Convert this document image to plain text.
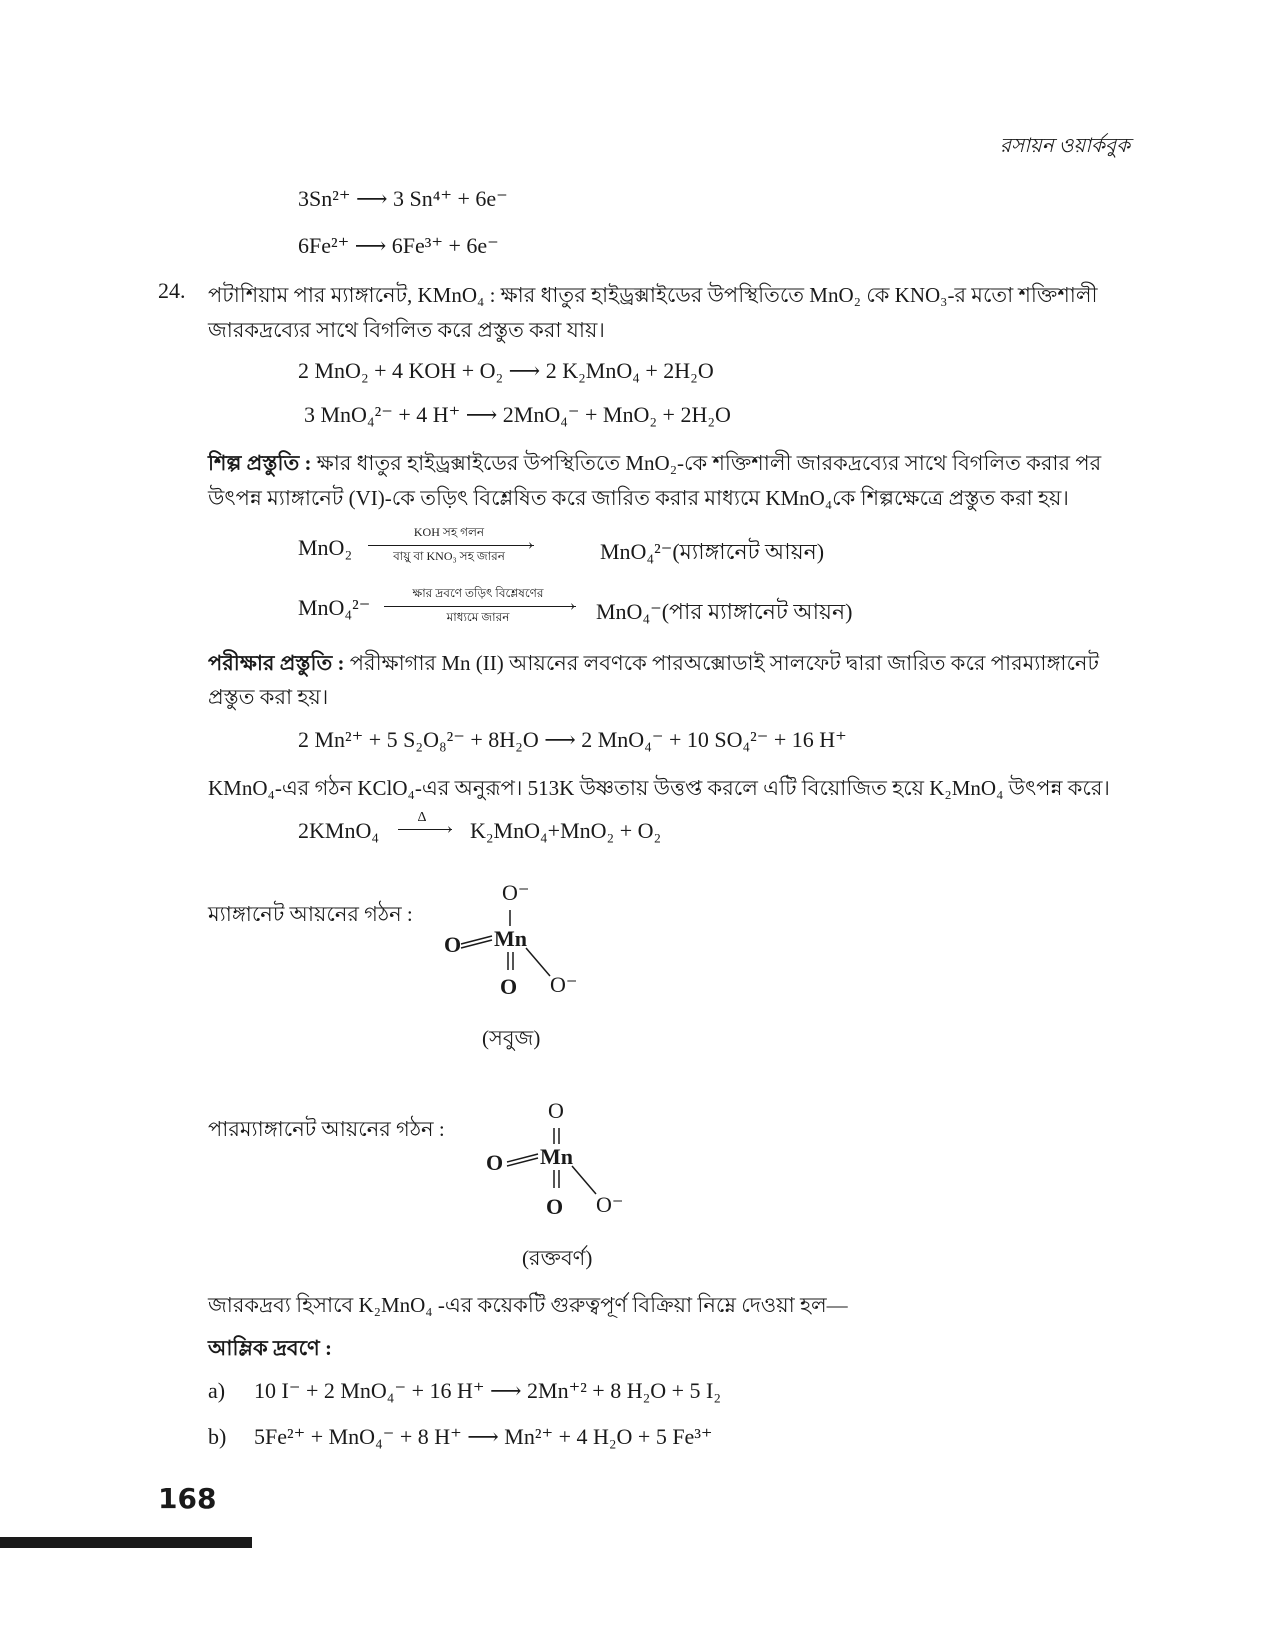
রসায়ন ওয়ার্কবুক
3Sn²⁺ ⟶ 3 Sn⁴⁺ + 6e⁻
6Fe²⁺ ⟶ 6Fe³⁺ + 6e⁻
24. পটাশিয়াম পার ম্যাঙ্গানেট, KMnO₄ : ক্ষার ধাতুর হাইড্রক্সাইডের উপস্থিতিতে MnO₂ কে KNO₃-র মতো শক্তিশালী
জারকদ্রব্যের সাথে বিগলিত করে প্রস্তুত করা যায়।
2 MnO₂ + 4 KOH + O₂ ⟶ 2 K₂MnO₄ + 2H₂O
3 MnO₄²⁻ + 4 H⁺ ⟶ 2MnO₄⁻ + MnO₂ + 2H₂O
শিল্প প্রস্তুতি : ক্ষার ধাতুর হাইড্রক্সাইডের উপস্থিতিতে MnO₂-কে শক্তিশালী জারকদ্রব্যের সাথে বিগলিত করার পর
উৎপন্ন ম্যাঙ্গানেট (VI)-কে তড়িৎ বিশ্লেষিত করে জারিত করার মাধ্যমে KMnO₄কে শিল্পক্ষেত্রে প্রস্তুত করা হয়।
MnO₂
KOH সহ গলন
›
বায়ু বা KNO₃ সহ জারন	MnO₄²⁻(ম্যাঙ্গানেট আয়ন)
MnO₄²⁻
ক্ষার দ্রবণে তড়িৎ বিশ্লেষণের
›
মাধ্যমে জারন	MnO₄⁻(পার ম্যাঙ্গানেট আয়ন)
পরীক্ষার প্রস্তুতি : পরীক্ষাগার Mn (II) আয়নের লবণকে পারঅক্সোডাই সালফেট দ্বারা জারিত করে পারম্যাঙ্গানেট
প্রস্তুত করা হয়।
2 Mn²⁺ + 5 S₂O₈²⁻ + 8H₂O ⟶ 2 MnO₄⁻ + 10 SO₄²⁻ + 16 H⁺
KMnO₄-এর গঠন KClO₄-এর অনুরূপ। 513K উষ্ণতায় উত্তপ্ত করলে এটি বিয়োজিত হয়ে K₂MnO₄ উৎপন্ন করে।
2KMnO₄
Δ
› K₂MnO₄+MnO₂ + O₂
ম্যাঙ্গানেট আয়নের গঠন :
O⁻
O Mn
O O⁻
(সবুজ)
পারম্যাঙ্গানেট আয়নের গঠন :
O
O Mn
O O⁻
(রক্তবর্ণ)
জারকদ্রব্য হিসাবে K₂MnO₄ -এর কয়েকটি গুরুত্বপূর্ণ বিক্রিয়া নিম্নে দেওয়া হল—
আম্লিক দ্রবণে :
a) 10 I⁻ + 2 MnO₄⁻ + 16 H⁺ ⟶ 2Mn⁺² + 8 H₂O + 5 I₂
b) 5Fe²⁺ + MnO₄⁻ + 8 H⁺ ⟶ Mn²⁺ + 4 H₂O + 5 Fe³⁺
168
